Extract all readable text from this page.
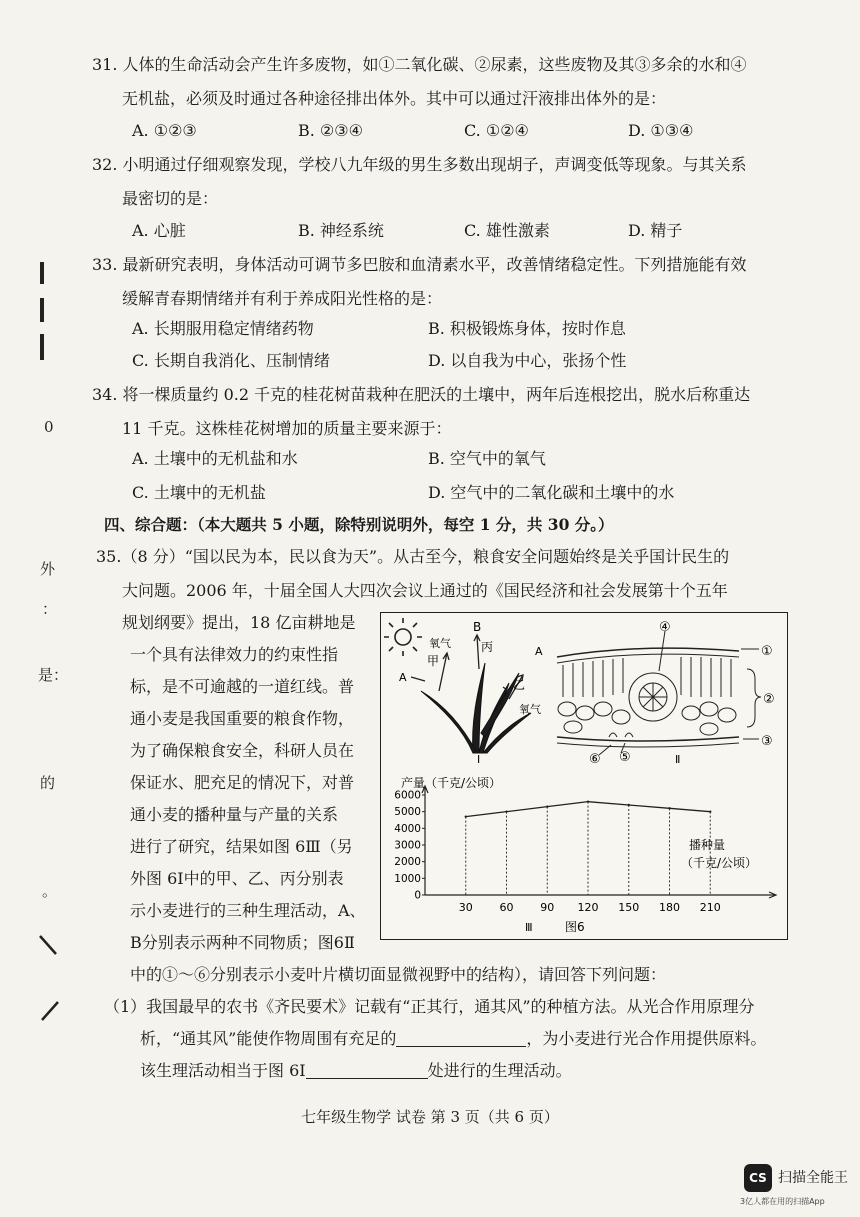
0
外
：
是：
的
。
31. 人体的生命活动会产生许多废物，如①二氧化碳、②尿素，这些废物及其③多余的水和④
无机盐，必须及时通过各种途径排出体外。其中可以通过汗液排出体外的是：
A. ①②③	B. ②③④	C. ①②④	D. ①③④
32. 小明通过仔细观察发现，学校八九年级的男生多数出现胡子，声调变低等现象。与其关系
最密切的是：
A. 心脏	B. 神经系统	C. 雄性激素	D. 精子
33. 最新研究表明，身体活动可调节多巴胺和血清素水平，改善情绪稳定性。下列措施能有效
缓解青春期情绪并有利于养成阳光性格的是：
A. 长期服用稳定情绪药物	B. 积极锻炼身体，按时作息
C. 长期自我消化、压制情绪	D. 以自我为中心，张扬个性
34. 将一棵质量约 0.2 千克的桂花树苗栽种在肥沃的土壤中，两年后连根挖出，脱水后称重达
11 千克。这株桂花树增加的质量主要来源于：
A. 土壤中的无机盐和水	B. 空气中的氧气
C. 土壤中的无机盐	D. 空气中的二氧化碳和土壤中的水
四、综合题：（本大题共 5 小题，除特别说明外，每空 1 分，共 30 分。）
35.（8 分）“国以民为本，民以食为天”。从古至今，粮食安全问题始终是关乎国计民生的
大问题。2006 年，十届全国人大四次会议上通过的《国民经济和社会发展第十个五年
规划纲要》提出，18 亿亩耕地是
一个具有法律效力的约束性指
标，是不可逾越的一道红线。普
通小麦是我国重要的粮食作物，
为了确保粮食安全，科研人员在
保证水、肥充足的情况下，对普
通小麦的播种量与产量的关系
进行了研究，结果如图 6Ⅲ（另
外图 6Ⅰ中的甲、乙、丙分别表
示小麦进行的三种生理活动，A、
B分别表示两种不同物质；图6Ⅱ
中的①～⑥分别表示小麦叶片横切面显微视野中的结构），请回答下列问题：
（1）我国最早的农书《齐民要术》记载有“正其行，通其风”的种植方法。从光合作用原理分
析，“通其风”能使作物周围有充足的	，为小麦进行光合作用提供原料。
该生理活动相当于图 6Ⅰ	处进行的生理活动。
氧气
甲
A
B
丙	A
乙
氧气
Ⅰ
④
①
②
③
⑥ ⑤	Ⅱ
产量（千克/公顷）
播种量
（千克/公顷）
Ⅲ	图6
0
1000
2000
3000
4000
5000
6000
30 60 90 120 150 180 210
七年级生物学 试卷 第 3 页（共 6 页）
CS 扫描全能王
3亿人都在用的扫描App
